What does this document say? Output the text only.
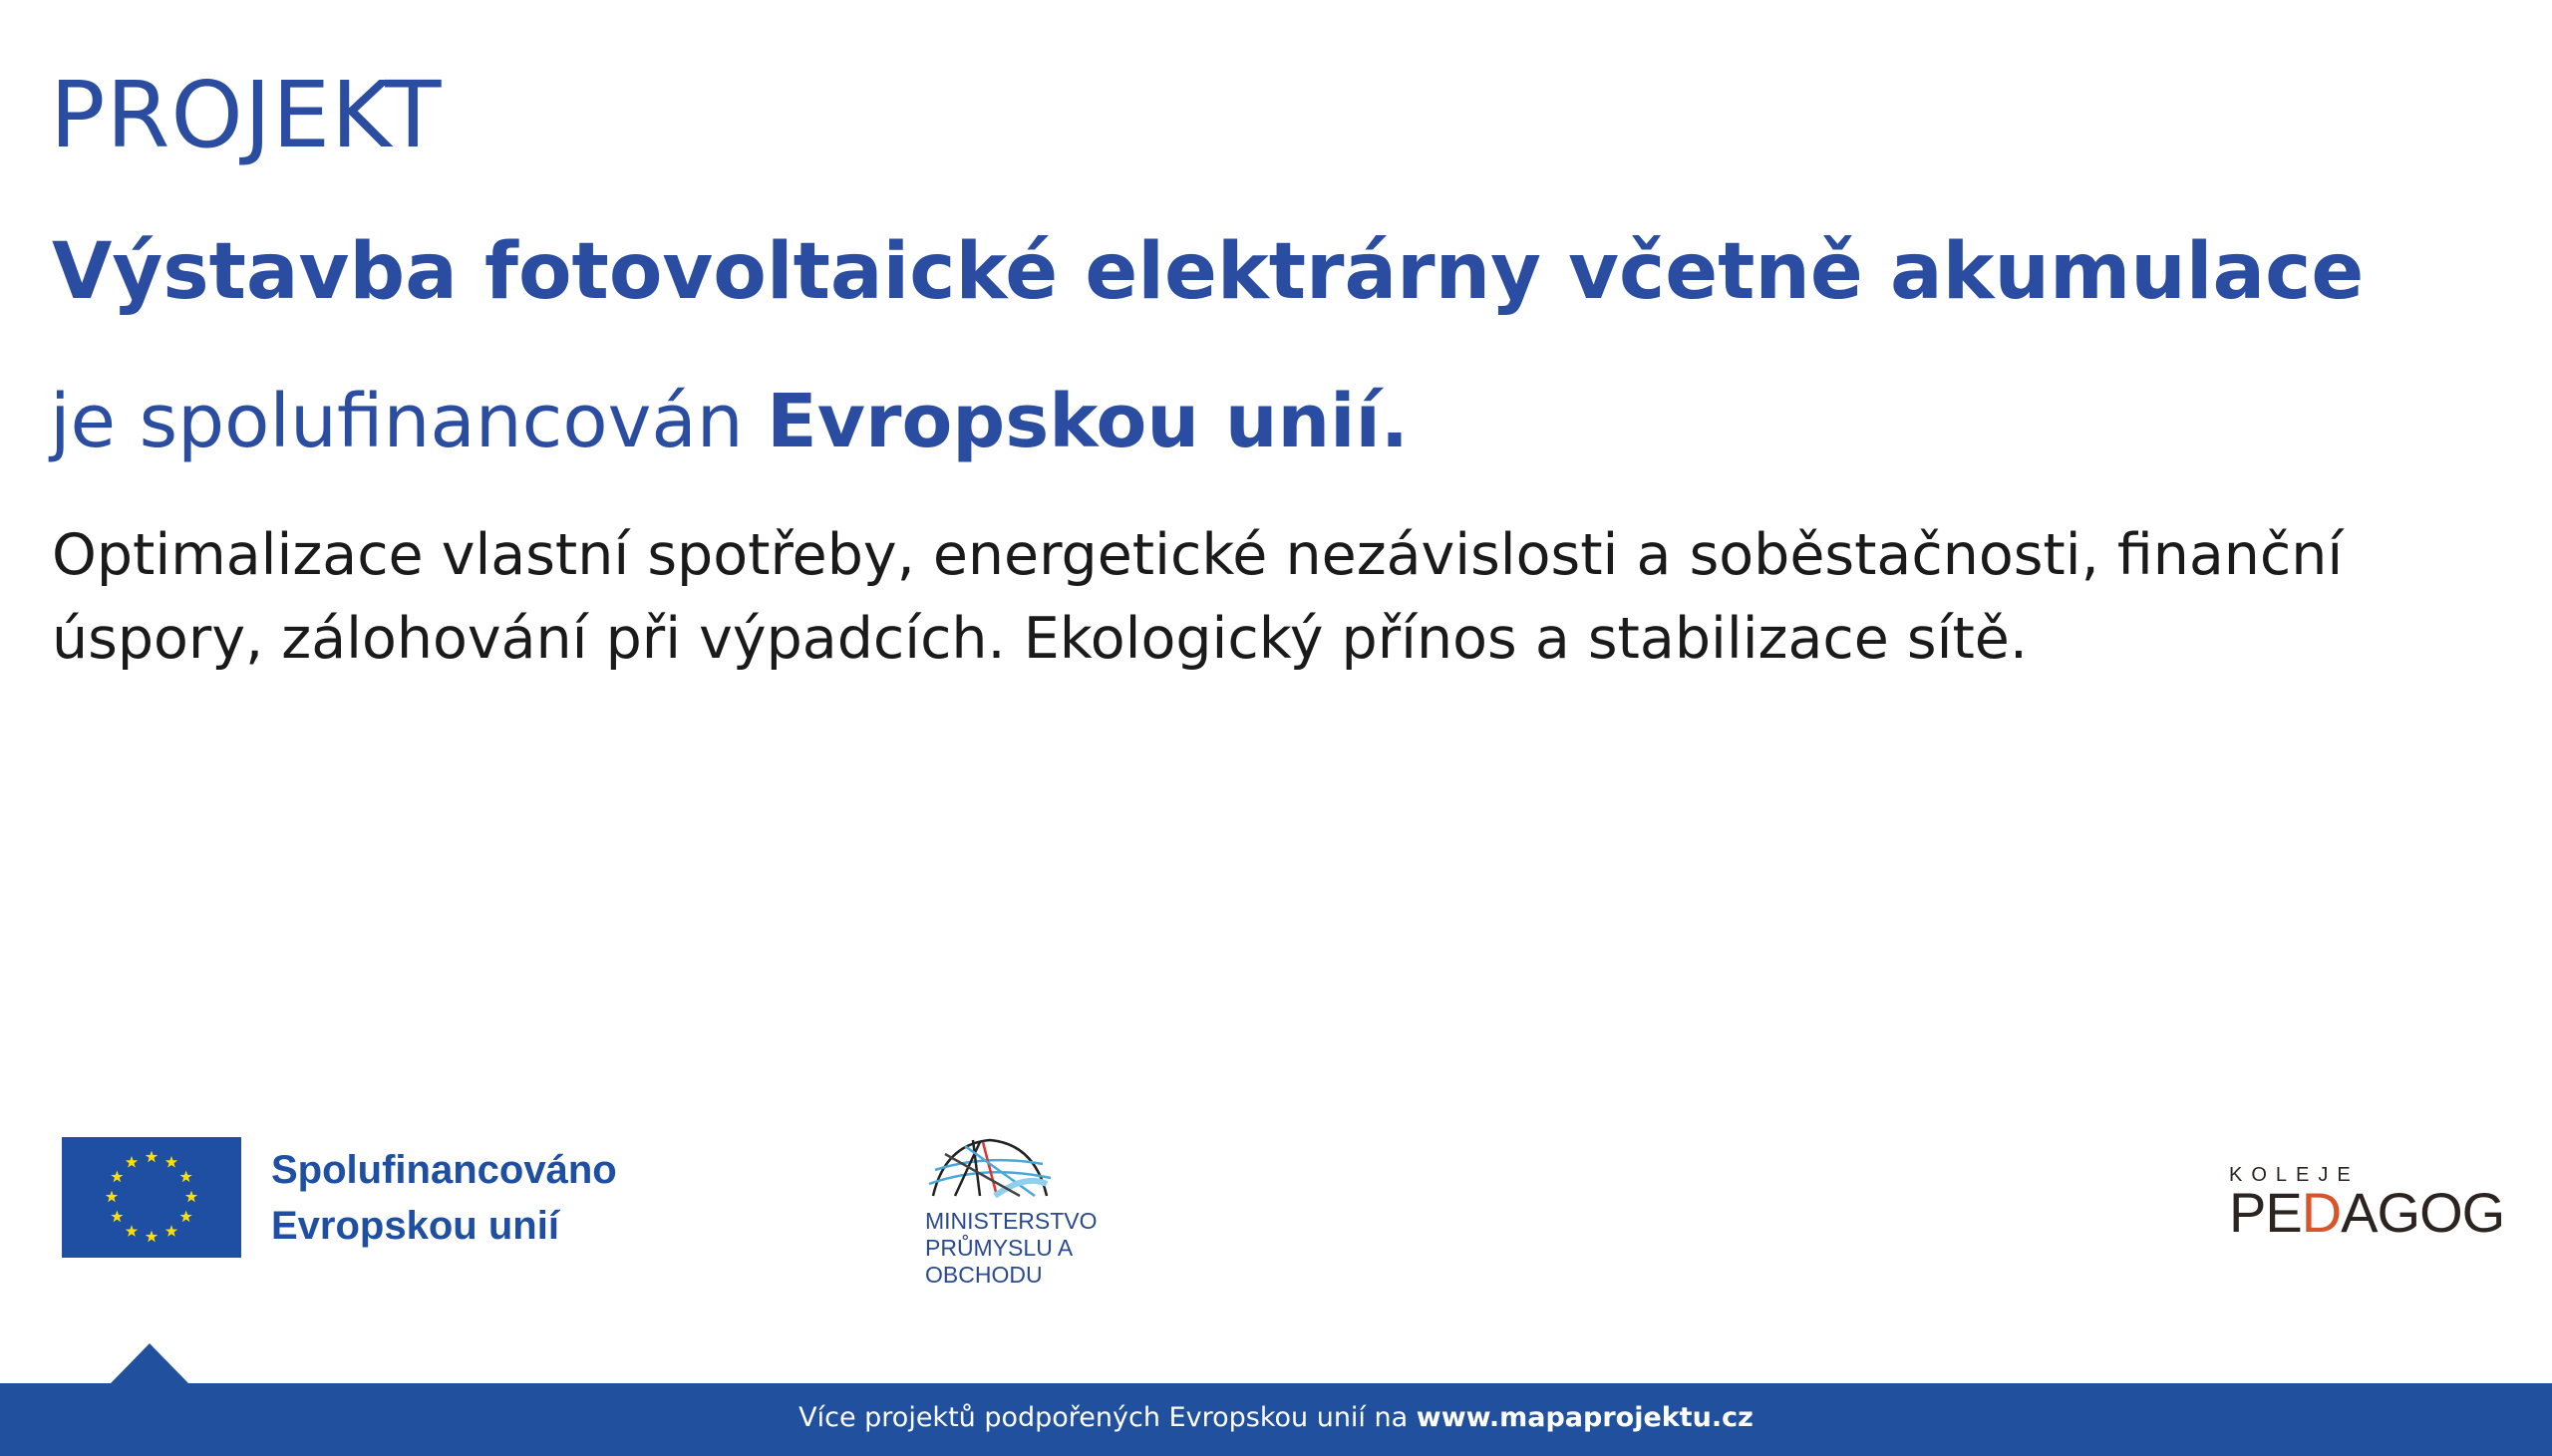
PROJEKT
Výstavba fotovoltaické elektrárny včetně akumulace
je spolufinancován Evropskou unií.
Optimalizace vlastní spotřeby, energetické nezávislosti a soběstačnosti, finanční úspory, zálohování při výpadcích. Ekologický přínos a stabilizace sítě.
Spolufinancováno
Evropskou unií	MINISTERSTVO
PRŮMYSLU A OBCHODU
KOLEJE
PEDAGOG
Více projektů podpořených Evropskou unií na www.mapaprojektu.cz
